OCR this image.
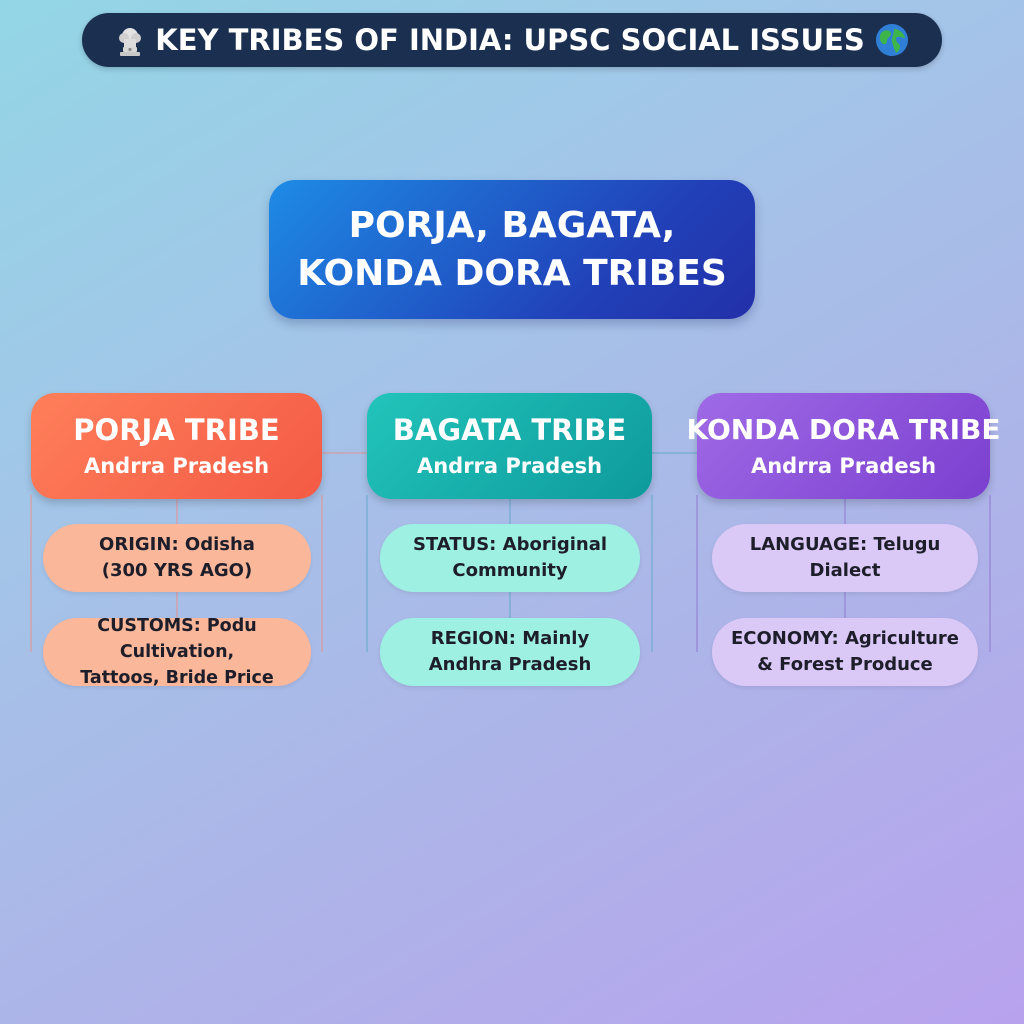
KEY TRIBES OF INDIA: UPSC SOCIAL ISSUES
PORJA, BAGATA,
KONDA DORA TRIBES
PORJA TRIBE
Andrra Pradesh
ORIGIN: Odisha
(300 YRS AGO)
CUSTOMS: Podu Cultivation,
Tattoos, Bride Price
BAGATA TRIBE
Andrra Pradesh
STATUS: Aboriginal
Community
REGION: Mainly
Andhra Pradesh
KONDA DORA TRIBE
Andrra Pradesh
LANGUAGE: Telugu
Dialect
ECONOMY: Agriculture
& Forest Produce
